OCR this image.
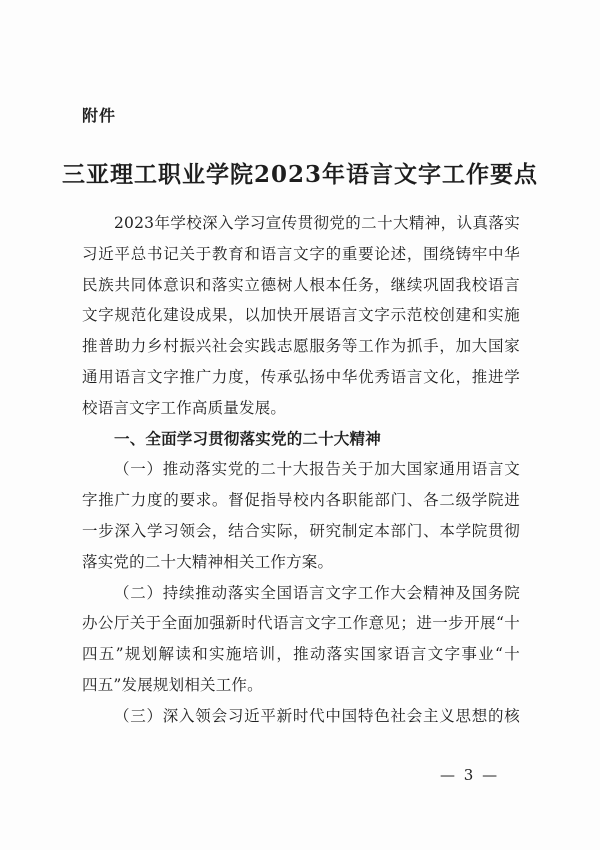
附件
三亚理工职业学院2023年语言文字工作要点
2023年学校深入学习宣传贯彻党的二十大精神，认真落实
习近平总书记关于教育和语言文字的重要论述，围绕铸牢中华
民族共同体意识和落实立德树人根本任务，继续巩固我校语言
文字规范化建设成果，以加快开展语言文字示范校创建和实施
推普助力乡村振兴社会实践志愿服务等工作为抓手，加大国家
通用语言文字推广力度，传承弘扬中华优秀语言文化，推进学
校语言文字工作高质量发展。
一、全面学习贯彻落实党的二十大精神
（一）推动落实党的二十大报告关于加大国家通用语言文
字推广力度的要求。督促指导校内各职能部门、各二级学院进
一步深入学习领会，结合实际，研究制定本部门、本学院贯彻
落实党的二十大精神相关工作方案。
（二）持续推动落实全国语言文字工作大会精神及国务院
办公厅关于全面加强新时代语言文字工作意见；进一步开展“十
四五”规划解读和实施培训，推动落实国家语言文字事业“十
四五”发展规划相关工作。
（三）深入领会习近平新时代中国特色社会主义思想的核
— 3 —
